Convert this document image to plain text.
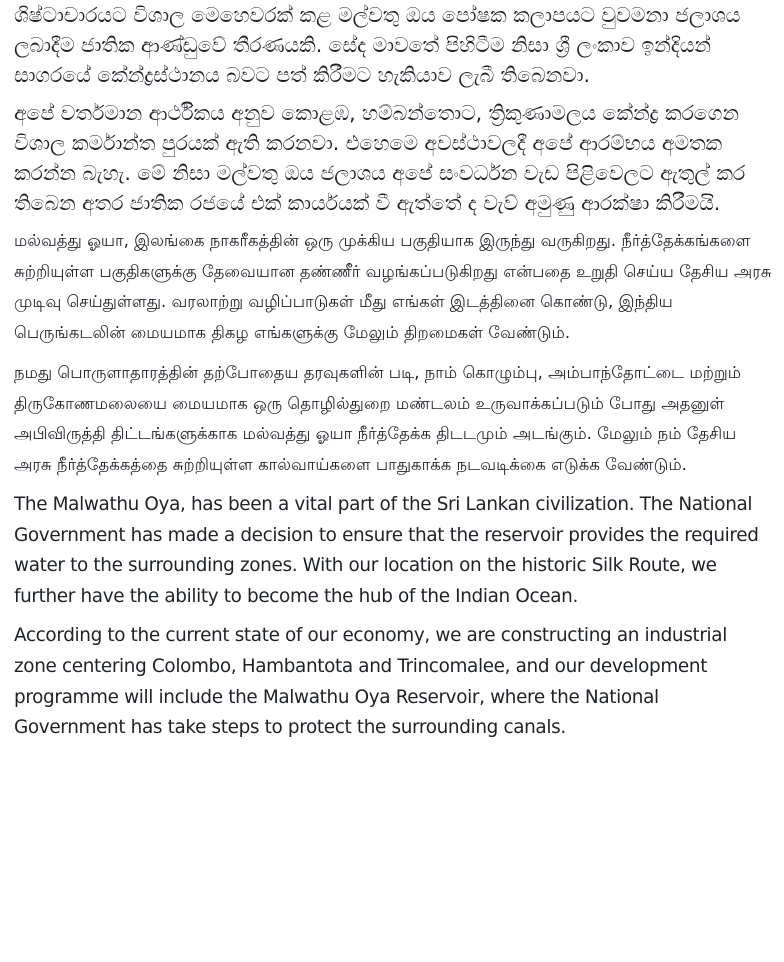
ශිෂ්ටාචාරයට විශාල මෙහෙවරක් කළ මල්වතු ඔය පෝෂක කලාපයට වුවමනා ජලාශය ලබාදීම ජාතික ආණ්ඩුවේ තීරණයකි. සේද මාවතේ පිහිටීම නිසා ශ්‍රී ලංකාව ඉන්දියන් සාගරයේ කේන්ද්‍රස්ථානය බවට පත් කිරීමට හැකියාව ලැබී තිබෙනවා.

අපේ වර්තමාන ආර්ථිකය අනුව කොළඹ, හම්බන්තොට, ත්‍රිකුණාමලය කේන්ද්‍ර කරගෙන විශාල කර්මාන්ත පුරයක් ඇති කරනවා. එහෙමෙ අවස්ථාවලදී අපේ ආරම්භය අමතක කරන්න බැහැ. මේ නිසා මල්වතු ඔය ජලාශය අපේ සංවර්ධන වැඩ පිළිවෙලට ඇතුල් කර තිබෙන අතර ජාතික රජයේ එක් කාර්යයක් වී ඇත්තේ ද වැව් අමුණු ආරක්ෂා කිරීමයි.

மல்வத்து ஓயா, இலங்கை நாகரீகத்தின் ஒரு முக்கிய பகுதியாக இருந்து வருகிறது. நீர்த்தேக்கங்களை சுற்றியுள்ள பகுதிகளுக்கு தேவையான தண்ணீர் வழங்கப்படுகிறது என்பதை உறுதி செய்ய தேசிய அரசு முடிவு செய்துள்ளது. வரலாற்று வழிப்பாடுகள் மீது எங்கள் இடத்தினை கொண்டு, இந்திய பெருங்கடலின் மையமாக திகழ எங்களுக்கு மேலும் திறமைகள் வேண்டும்.

நமது பொருளாதாரத்தின் தற்போதைய தரவுகளின் படி, நாம் கொழும்பு, அம்பாந்தோட்டை மற்றும் திருகோணமலையை மையமாக ஒரு தொழில்துறை மண்டலம் உருவாக்கப்படும் போது அதனுள் அபிவிருத்தி திட்டங்களுக்காக மல்வத்து ஓயா நீர்த்தேக்க திடடமும் அடங்கும். மேலும் நம் தேசிய அரசு நீர்த்தேக்கத்தை சுற்றியுள்ள கால்வாய்களை பாதுகாக்க நடவடிக்கை எடுக்க வேண்டும்.

The Malwathu Oya, has been a vital part of the Sri Lankan civilization. The National Government has made a decision to ensure that the reservoir provides the required water to the surrounding zones. With our location on the historic Silk Route, we further have the ability to become the hub of the Indian Ocean.

According to the current state of our economy, we are constructing an industrial zone centering Colombo, Hambantota and Trincomalee, and our development programme will include the Malwathu Oya Reservoir, where the National Government has take steps to protect the surrounding canals.
